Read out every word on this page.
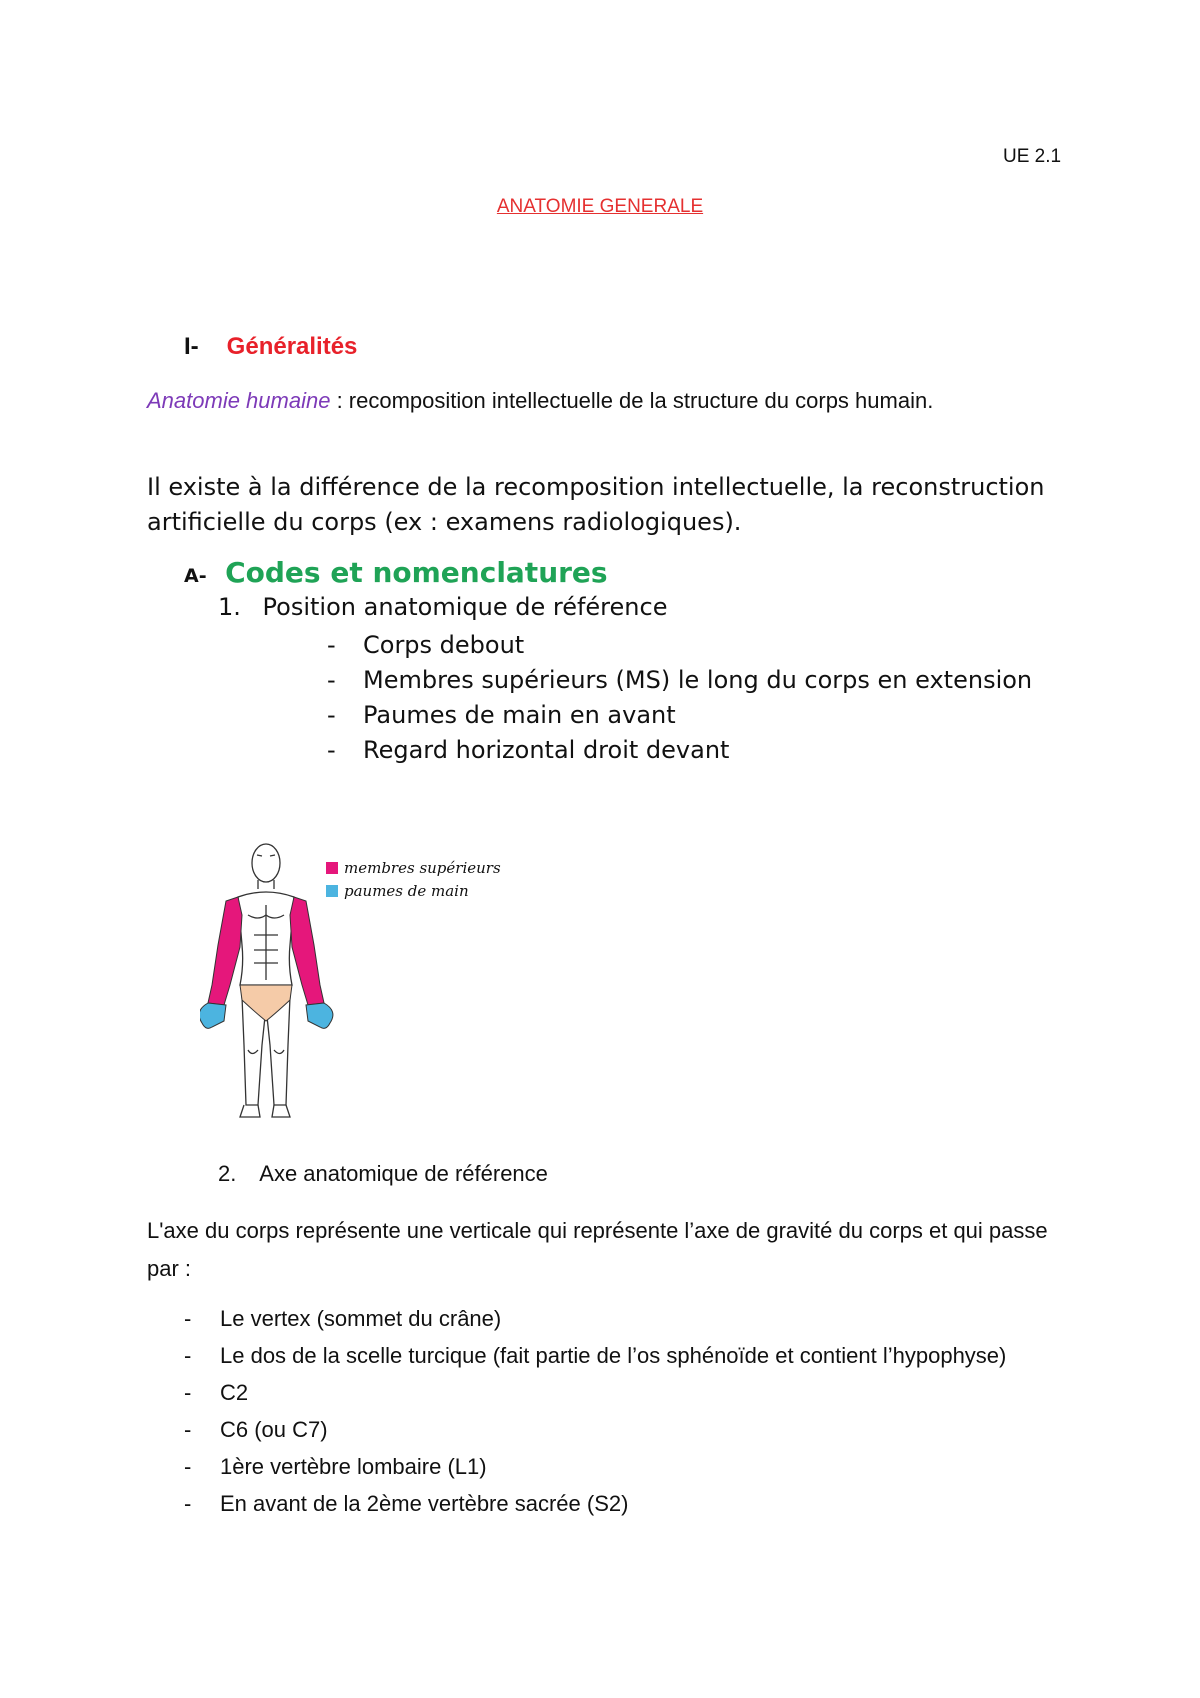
UE 2.1
ANATOMIE GENERALE
I- Généralités

Anatomie humaine : recomposition intellectuelle de la structure du corps humain.

Il existe à la différence de la recomposition intellectuelle, la reconstruction artificielle du corps (ex : examens radiologiques).

A- Codes et nomenclatures
1. Position anatomique de référence
- Corps debout
- Membres supérieurs (MS) le long du corps en extension
- Paumes de main en avant
- Regard horizontal droit devant
membres supérieurs
paumes de main
2. Axe anatomique de référence

L'axe du corps représente une verticale qui représente l’axe de gravité du corps et qui passe par :

- Le vertex (sommet du crâne)
- Le dos de la scelle turcique (fait partie de l’os sphénoïde et contient l’hypophyse)
- C2
- C6 (ou C7)
- 1ère vertèbre lombaire (L1)
- En avant de la 2ème vertèbre sacrée (S2)
